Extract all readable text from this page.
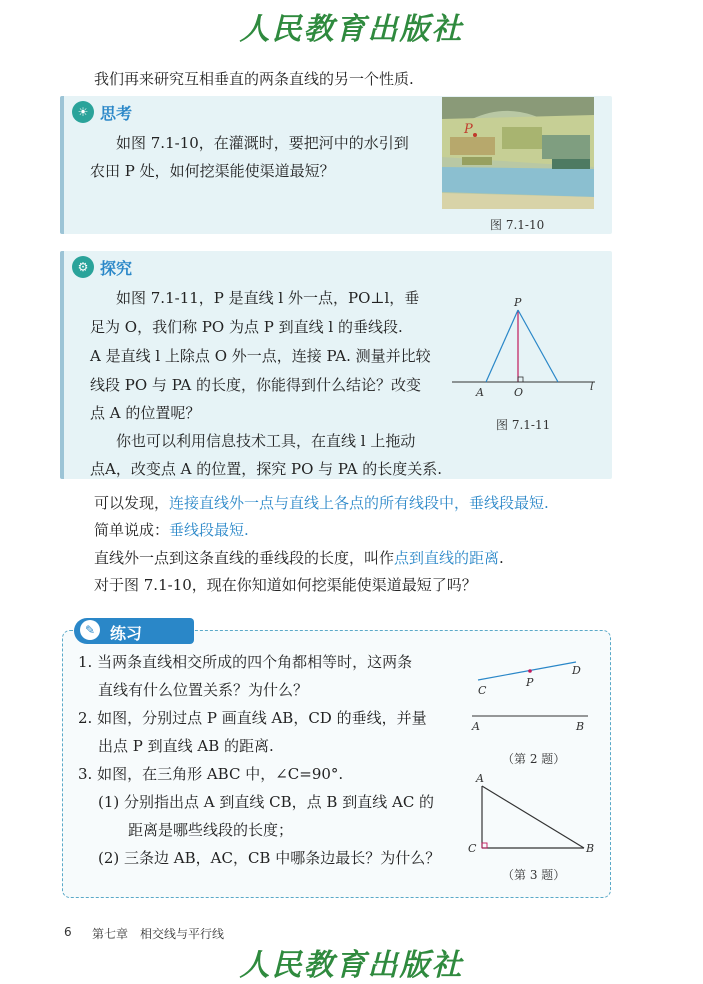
人民教育出版社
我们再来研究互相垂直的两条直线的另一个性质.
☀ 思考
如图 7.1-10，在灌溉时，要把河中的水引到
农田 P 处，如何挖渠能使渠道最短？
P
图 7.1-10
⚙ 探究
如图 7.1-11，P 是直线 l 外一点，PO⊥l，垂
足为 O，我们称 PO 为点 P 到直线 l 的垂线段.
A 是直线 l 上除点 O 外一点，连接 PA. 测量并比较
线段 PO 与 PA 的长度，你能得到什么结论？改变
点 A 的位置呢？
你也可以利用信息技术工具，在直线 l 上拖动
点A，改变点 A 的位置，探究 PO 与 PA 的长度关系.
P
A	O	l
图 7.1-11
可以发现，连接直线外一点与直线上各点的所有线段中，垂线段最短.
简单说成：垂线段最短.
直线外一点到这条直线的垂线段的长度，叫作点到直线的距离.
对于图 7.1-10，现在你知道如何挖渠能使渠道最短了吗？
✎ 练习
1. 当两条直线相交所成的四个角都相等时，这两条
直线有什么位置关系？为什么？
2. 如图，分别过点 P 画直线 AB，CD 的垂线，并量
出点 P 到直线 AB 的距离.
3. 如图，在三角形 ABC 中，∠C=90°.
(1) 分别指出点 A 到直线 CB，点 B 到直线 AC 的
距离是哪些线段的长度；
(2) 三条边 AB，AC，CB 中哪条边最长？为什么？
C
P
D
A	B
（第 2 题）
A
C	B
（第 3 题）
6 第七章　相交线与平行线
人民教育出版社
